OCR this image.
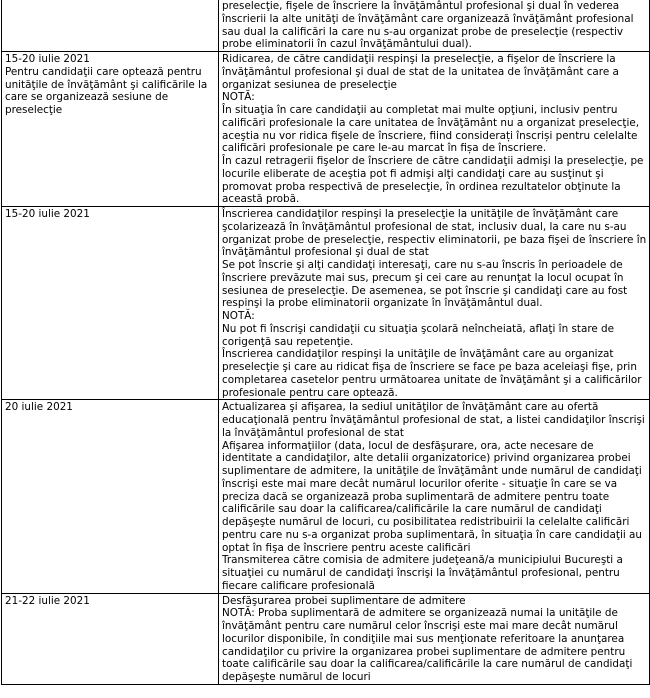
	preselecţie, fişele de înscriere la învăţământul profesional şi dual în vederea înscrierii la alte unităţi de învăţământ care organizează învăţământ profesional sau dual la calificări la care nu s-au organizat probe de preselecţie (respectiv probe eliminatorii în cazul învăţământului dual).

15-20 iulie 2021
Pentru candidaţii care optează pentru unităţile de învăţământ şi calificările la care se organizează sesiune de preselecţie	Ridicarea, de către candidaţii respinşi la preselecţie, a fişelor de înscriere la învăţământul profesional şi dual de stat de la unitatea de învăţământ care a organizat sesiunea de preselecţie
NOTĂ:
În situaţia în care candidaţii au completat mai multe opţiuni, inclusiv pentru calificări profesionale la care unitatea de învăţământ nu a organizat preselecţie, aceştia nu vor ridica fişele de înscriere, fiind considerați înscriși pentru celelalte calificări profesionale pe care le-au marcat în fișa de înscriere.
În cazul retragerii fişelor de înscriere de către candidaţii admişi la preselecţie, pe locurile eliberate de aceştia pot fi admişi alţi candidaţi care au susţinut şi promovat proba respectivă de preselecţie, în ordinea rezultatelor obţinute la această probă.

15-20 iulie 2021	Înscrierea candidaţilor respinşi la preselecţie la unităţile de învăţământ care şcolarizează în învăţământul profesional de stat, inclusiv dual, la care nu s-au organizat probe de preselecţie, respectiv eliminatorii, pe baza fişei de înscriere în învăţământul profesional şi dual de stat
Se pot înscrie şi alţi candidaţi interesaţi, care nu s-au înscris în perioadele de înscriere prevăzute mai sus, precum şi cei care au renunţat la locul ocupat în sesiunea de preselecţie. De asemenea, se pot înscrie şi candidaţi care au fost respinşi la probe eliminatorii organizate în învăţământul dual.
NOTĂ:
Nu pot fi înscrişi candidaţii cu situaţia şcolară neîncheiată, aflaţi în stare de corigenţă sau repetenţie.
Înscrierea candidaţilor respinşi la unităţile de învăţământ care au organizat preselecţie şi care au ridicat fişa de înscriere se face pe baza aceleiaşi fişe, prin completarea casetelor pentru următoarea unitate de învăţământ şi a calificărilor profesionale pentru care optează.

20 iulie 2021	Actualizarea şi afişarea, la sediul unităţilor de învăţământ care au ofertă educaţională pentru învăţământul profesional de stat, a listei candidaţilor înscrişi la învăţământul profesional de stat
Afişarea informaţiilor (data, locul de desfăşurare, ora, acte necesare de identitate a candidaţilor, alte detalii organizatorice) privind organizarea probei suplimentare de admitere, la unităţile de învăţământ unde numărul de candidaţi înscrişi este mai mare decât numărul locurilor oferite - situaţie în care se va preciza dacă se organizează proba suplimentară de admitere pentru toate calificările sau doar la calificarea/calificările la care numărul de candidaţi depăşeşte numărul de locuri, cu posibilitatea redistribuirii la celelalte calificări pentru care nu s-a organizat proba suplimentară, în situaţia în care candidaţii au optat în fişa de înscriere pentru aceste calificări
Transmiterea către comisia de admitere judeţeană/a municipiului Bucureşti a situaţiei cu numărul de candidaţi înscrişi la învăţământul profesional, pentru fiecare calificare profesională

21-22 iulie 2021	Desfăşurarea probei suplimentare de admitere
NOTĂ: Proba suplimentară de admitere se organizează numai la unităţile de învăţământ pentru care numărul celor înscrişi este mai mare decât numărul locurilor disponibile, în condiţiile mai sus menţionate referitoare la anunţarea candidaţilor cu privire la organizarea probei suplimentare de admitere pentru toate calificările sau doar la calificarea/calificările la care numărul de candidaţi depăşeşte numărul de locuri
